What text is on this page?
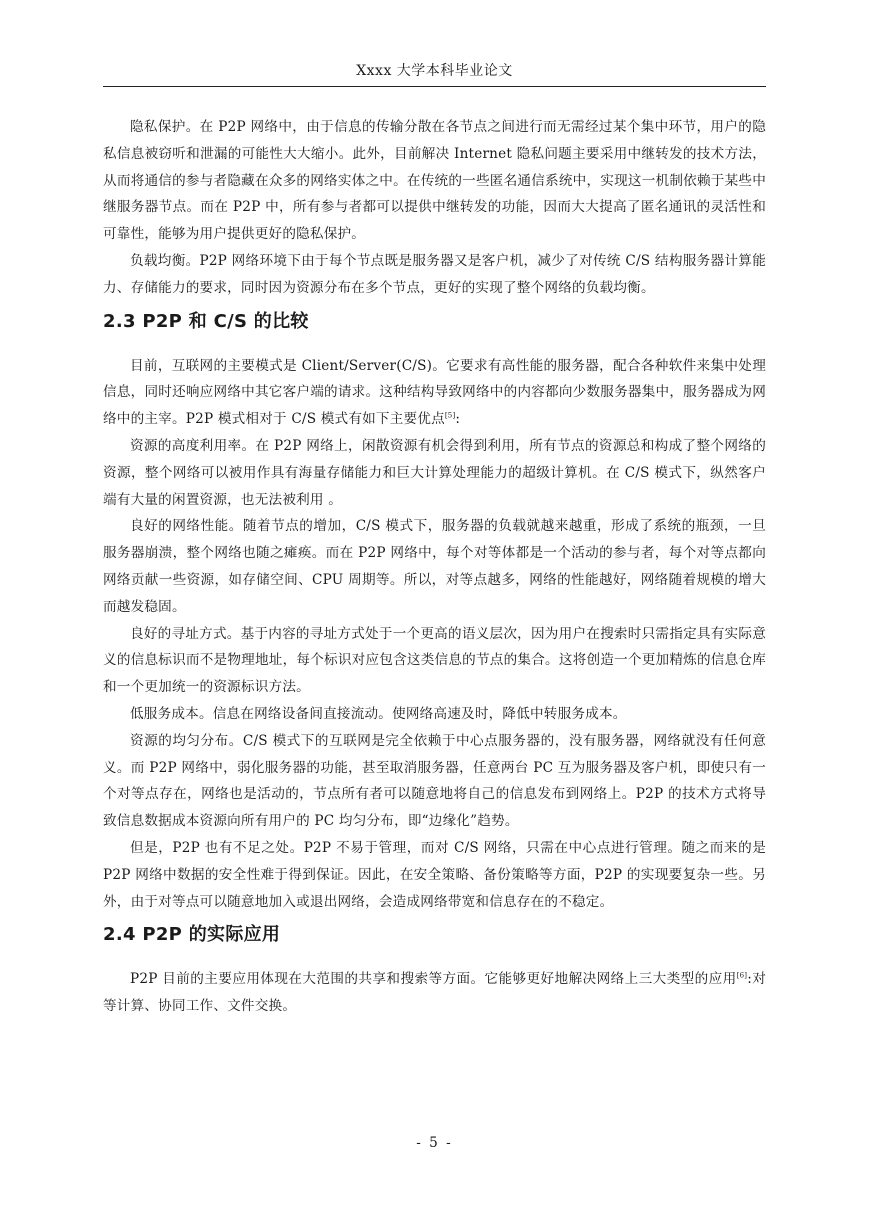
Xxxx 大学本科毕业论文

隐私保护。在 P2P 网络中，由于信息的传输分散在各节点之间进行而无需经过某个集中环节，用户的隐私信息被窃听和泄漏的可能性大大缩小。此外，目前解决 Internet 隐私问题主要采用中继转发的技术方法，从而将通信的参与者隐藏在众多的网络实体之中。在传统的一些匿名通信系统中，实现这一机制依赖于某些中继服务器节点。而在 P2P 中，所有参与者都可以提供中继转发的功能，因而大大提高了匿名通讯的灵活性和可靠性，能够为用户提供更好的隐私保护。

负载均衡。P2P 网络环境下由于每个节点既是服务器又是客户机，减少了对传统 C/S 结构服务器计算能力、存储能力的要求，同时因为资源分布在多个节点，更好的实现了整个网络的负载均衡。

2.3 P2P 和 C/S 的比较

目前，互联网的主要模式是 Client/Server(C/S)。它要求有高性能的服务器，配合各种软件来集中处理信息，同时还响应网络中其它客户端的请求。这种结构导致网络中的内容都向少数服务器集中，服务器成为网络中的主宰。P2P 模式相对于 C/S 模式有如下主要优点[5]:

资源的高度利用率。在 P2P 网络上，闲散资源有机会得到利用，所有节点的资源总和构成了整个网络的资源，整个网络可以被用作具有海量存储能力和巨大计算处理能力的超级计算机。在 C/S 模式下，纵然客户端有大量的闲置资源，也无法被利用 。

良好的网络性能。随着节点的增加，C/S 模式下，服务器的负载就越来越重，形成了系统的瓶颈，一旦服务器崩溃，整个网络也随之瘫痪。而在 P2P 网络中，每个对等体都是一个活动的参与者，每个对等点都向网络贡献一些资源，如存储空间、CPU 周期等。所以，对等点越多，网络的性能越好，网络随着规模的增大而越发稳固。

良好的寻址方式。基于内容的寻址方式处于一个更高的语义层次，因为用户在搜索时只需指定具有实际意义的信息标识而不是物理地址，每个标识对应包含这类信息的节点的集合。这将创造一个更加精炼的信息仓库和一个更加统一的资源标识方法。

低服务成本。信息在网络设备间直接流动。使网络高速及时，降低中转服务成本。

资源的均匀分布。C/S 模式下的互联网是完全依赖于中心点服务器的，没有服务器，网络就没有任何意义。而 P2P 网络中，弱化服务器的功能，甚至取消服务器，任意两台 PC 互为服务器及客户机，即使只有一个对等点存在，网络也是活动的，节点所有者可以随意地将自己的信息发布到网络上。P2P 的技术方式将导致信息数据成本资源向所有用户的 PC 均匀分布，即“边缘化”趋势。

但是，P2P 也有不足之处。P2P 不易于管理，而对 C/S 网络，只需在中心点进行管理。随之而来的是 P2P 网络中数据的安全性难于得到保证。因此，在安全策略、备份策略等方面，P2P 的实现要复杂一些。另外，由于对等点可以随意地加入或退出网络，会造成网络带宽和信息存在的不稳定。

2.4 P2P 的实际应用

P2P 目前的主要应用体现在大范围的共享和搜索等方面。它能够更好地解决网络上三大类型的应用[6]:对等计算、协同工作、文件交换。

- 5 -
